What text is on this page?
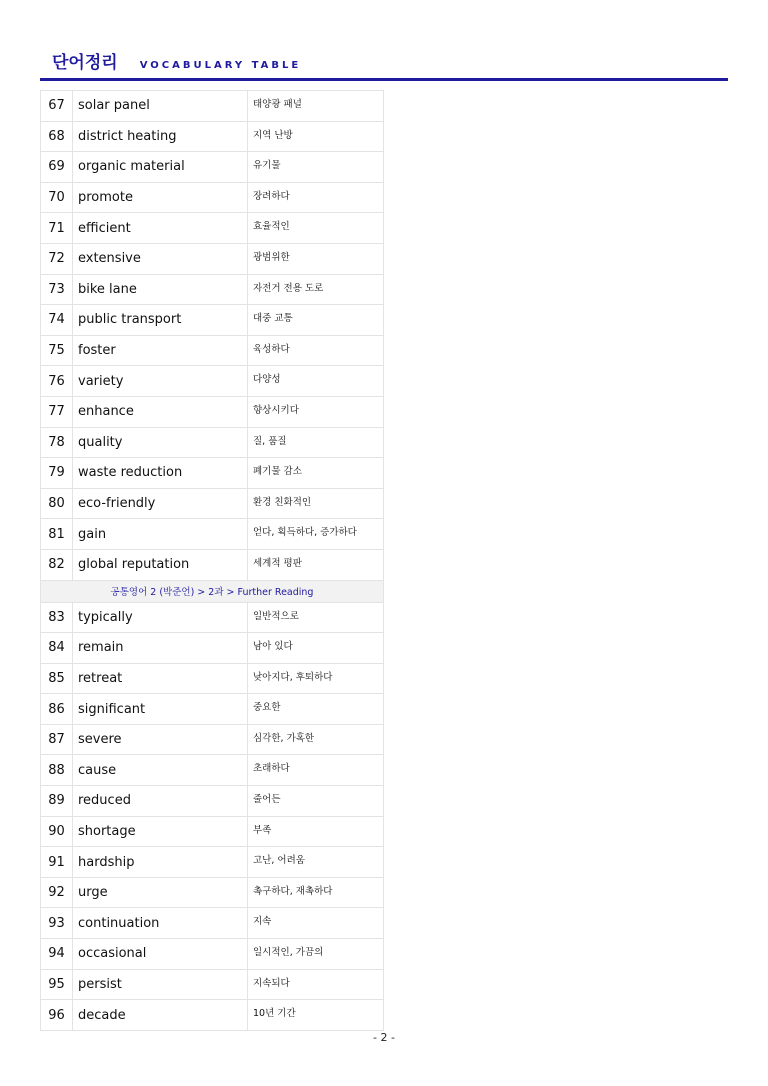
단어정리 VOCABULARY TABLE
67	solar panel	태양광 패널
68	district heating	지역 난방
69	organic material	유기물
70	promote	장려하다
71	efficient	효율적인
72	extensive	광범위한
73	bike lane	자전거 전용 도로
74	public transport	대중 교통
75	foster	육성하다
76	variety	다양성
77	enhance	향상시키다
78	quality	질, 품질
79	waste reduction	폐기물 감소
80	eco-friendly	환경 친화적인
81	gain	얻다, 획득하다, 증가하다
82	global reputation	세계적 평판
공통영어 2 (박준언) > 2과 > Further Reading		
83	typically	일반적으로
84	remain	남아 있다
85	retreat	낮아지다, 후퇴하다
86	significant	중요한
87	severe	심각한, 가혹한
88	cause	초래하다
89	reduced	줄어든
90	shortage	부족
91	hardship	고난, 어려움
92	urge	촉구하다, 재촉하다
93	continuation	지속
94	occasional	일시적인, 가끔의
95	persist	지속되다
96	decade	10년 기간
- 2 -
